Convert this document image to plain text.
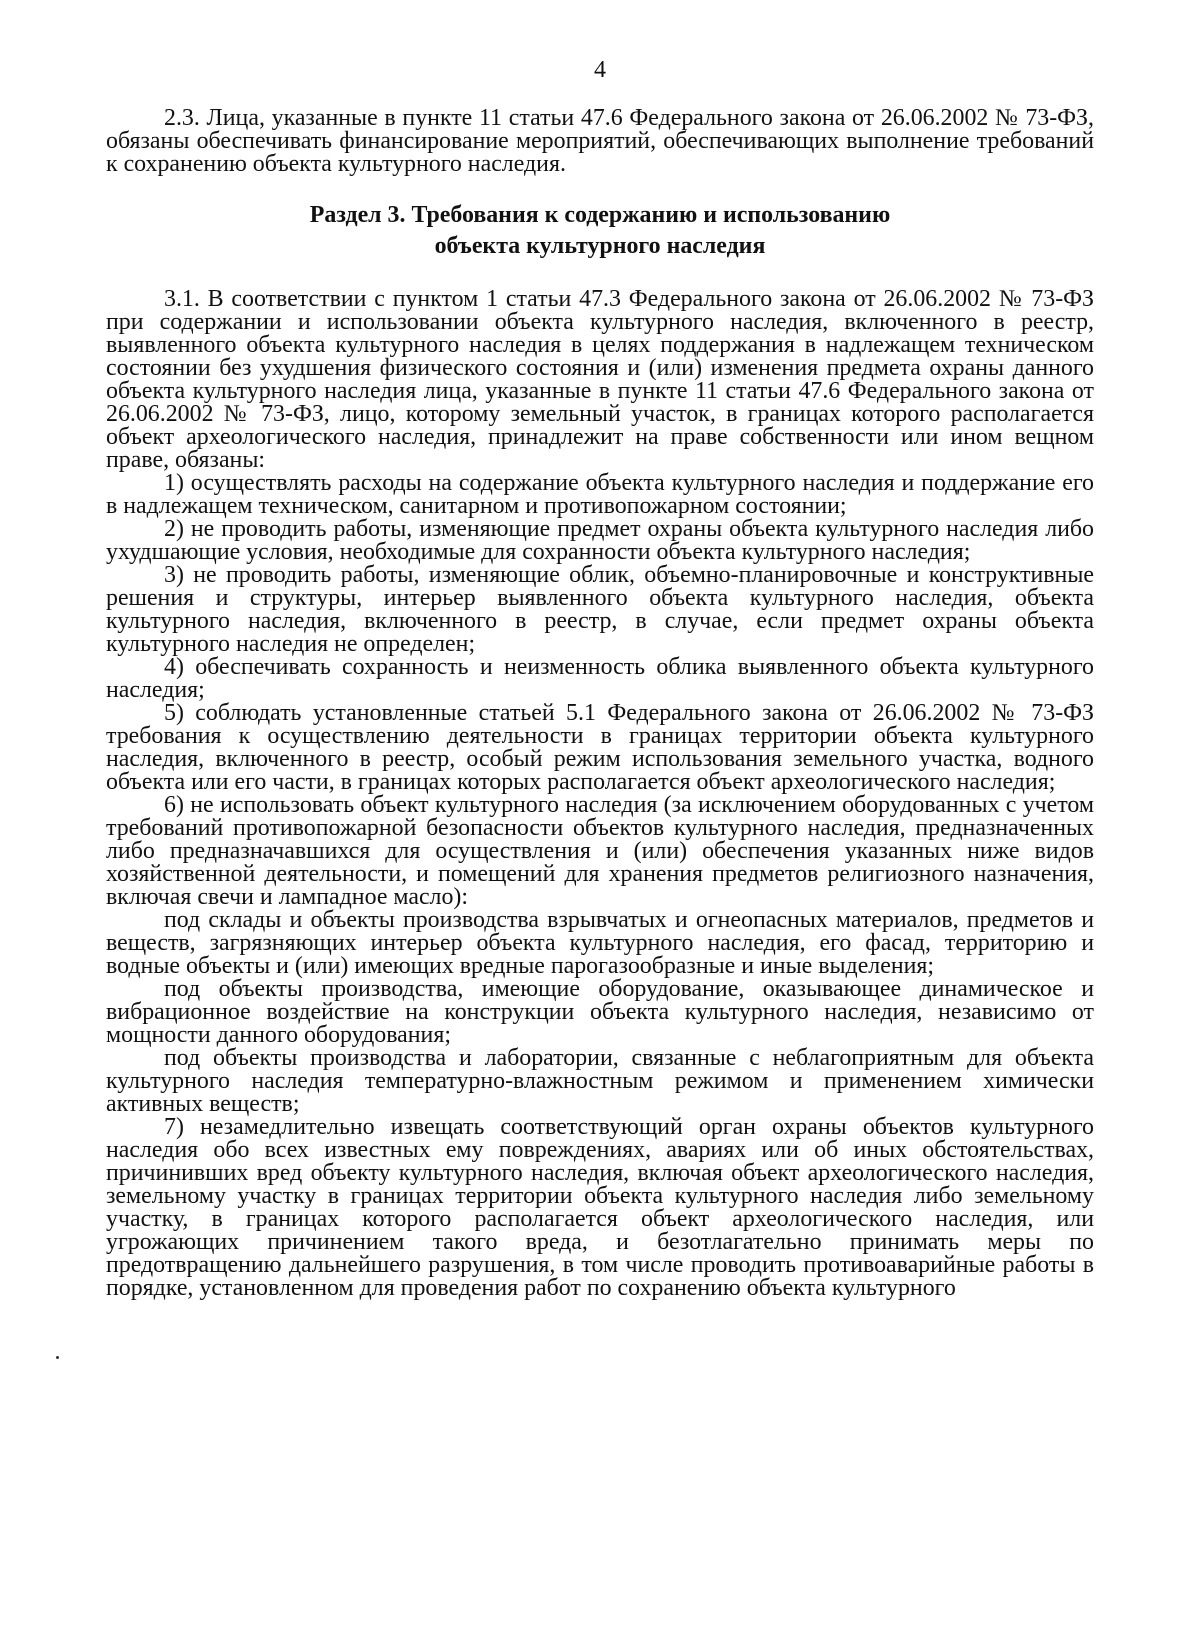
4

2.3. Лица, указанные в пункте 11 статьи 47.6 Федерального закона от 26.06.2002 № 73-ФЗ, обязаны обеспечивать финансирование мероприятий, обеспечивающих выполнение требований к сохранению объекта культурного наследия.

Раздел 3. Требования к содержанию и использованию
объекта культурного наследия

3.1. В соответствии с пунктом 1 статьи 47.3 Федерального закона от 26.06.2002 № 73-ФЗ при содержании и использовании объекта культурного наследия, включенного в реестр, выявленного объекта культурного наследия в целях поддержания в надлежащем техническом состоянии без ухудшения физического состояния и (или) изменения предмета охраны данного объекта культурного наследия лица, указанные в пункте 11 статьи 47.6 Федерального закона от 26.06.2002 № 73-ФЗ, лицо, которому земельный участок, в границах которого располагается объект археологического наследия, принадлежит на праве собственности или ином вещном праве, обязаны:

1) осуществлять расходы на содержание объекта культурного наследия и поддержание его в надлежащем техническом, санитарном и противопожарном состоянии;

2) не проводить работы, изменяющие предмет охраны объекта культурного наследия либо ухудшающие условия, необходимые для сохранности объекта культурного наследия;

3) не проводить работы, изменяющие облик, объемно-планировочные и конструктивные решения и структуры, интерьер выявленного объекта культурного наследия, объекта культурного наследия, включенного в реестр, в случае, если предмет охраны объекта культурного наследия не определен;

4) обеспечивать сохранность и неизменность облика выявленного объекта культурного наследия;

5) соблюдать установленные статьей 5.1 Федерального закона от 26.06.2002 № 73-ФЗ требования к осуществлению деятельности в границах территории объекта культурного наследия, включенного в реестр, особый режим использования земельного участка, водного объекта или его части, в границах которых располагается объект археологического наследия;

6) не использовать объект культурного наследия (за исключением оборудованных с учетом требований противопожарной безопасности объектов культурного наследия, предназначенных либо предназначавшихся для осуществления и (или) обеспечения указанных ниже видов хозяйственной деятельности, и помещений для хранения предметов религиозного назначения, включая свечи и лампадное масло):

под склады и объекты производства взрывчатых и огнеопасных материалов, предметов и веществ, загрязняющих интерьер объекта культурного наследия, его фасад, территорию и водные объекты и (или) имеющих вредные парогазообразные и иные выделения;

под объекты производства, имеющие оборудование, оказывающее динамическое и вибрационное воздействие на конструкции объекта культурного наследия, независимо от мощности данного оборудования;

под объекты производства и лаборатории, связанные с неблагоприятным для объекта культурного наследия температурно-влажностным режимом и применением химически активных веществ;

7) незамедлительно извещать соответствующий орган охраны объектов культурного наследия обо всех известных ему повреждениях, авариях или об иных обстоятельствах, причинивших вред объекту культурного наследия, включая объект археологического наследия, земельному участку в границах территории объекта культурного наследия либо земельному участку, в границах которого располагается объект археологического наследия, или угрожающих причинением такого вреда, и безотлагательно принимать меры по предотвращению дальнейшего разрушения, в том числе проводить противоаварийные работы в порядке, установленном для проведения работ по сохранению объекта культурного
